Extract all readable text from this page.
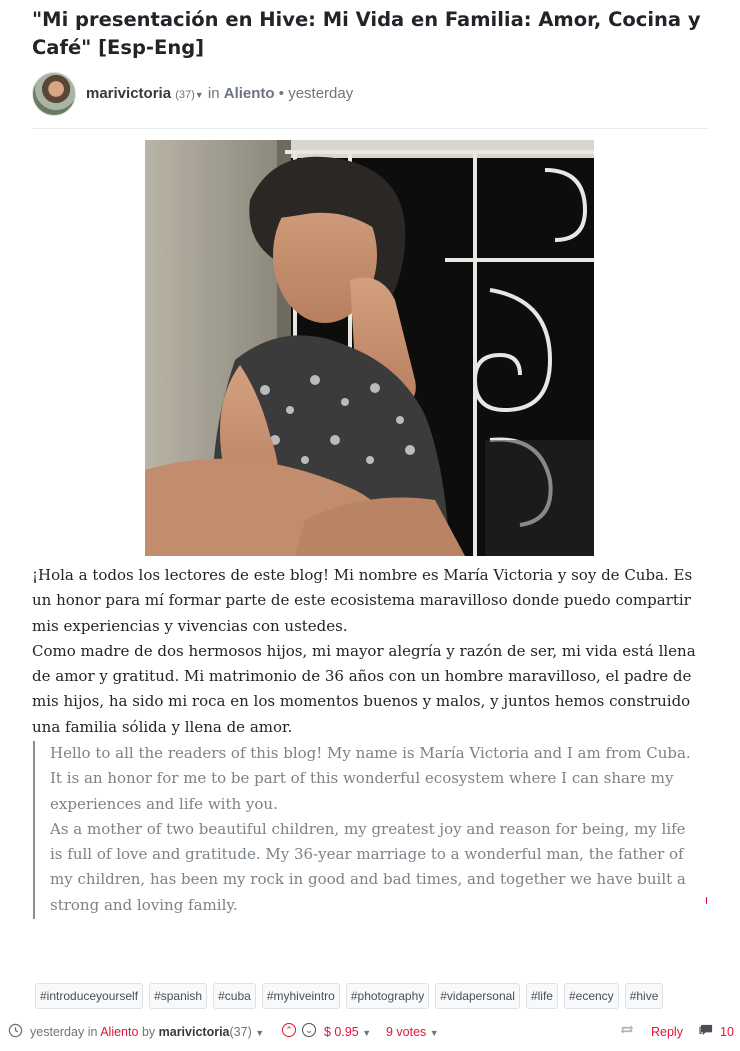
"Mi presentación en Hive: Mi Vida en Familia: Amor, Cocina y Café" [Esp-Eng]
marivictoria (37)▼ in Aliento • yesterday

¡Hola a todos los lectores de este blog! Mi nombre es María Victoria y soy de Cuba. Es un honor para mí formar parte de este ecosistema maravilloso donde puedo compartir mis experiencias y vivencias con ustedes.

Como madre de dos hermosos hijos, mi mayor alegría y razón de ser, mi vida está llena de amor y gratitud. Mi matrimonio de 36 años con un hombre maravilloso, el padre de mis hijos, ha sido mi roca en los momentos buenos y malos, y juntos hemos construido una familia sólida y llena de amor.

Hello to all the readers of this blog! My name is María Victoria and I am from Cuba. It is an honor for me to be part of this wonderful ecosystem where I can share my experiences and life with you.

As a mother of two beautiful children, my greatest joy and reason for being, my life is full of love and gratitude. My 36-year marriage to a wonderful man, the father of my children, has been my rock in good and bad times, and together we have built a strong and loving family.

#introduceyourself	#spanish	#cuba	#myhiveintro	#photography	#vidapersonal	#life	#ecency	#hive
yesterday in Aliento by marivictoria(37) ▼	⌃	⌄ $ 0.95 ▼ 9 votes ▼	Reply	10
